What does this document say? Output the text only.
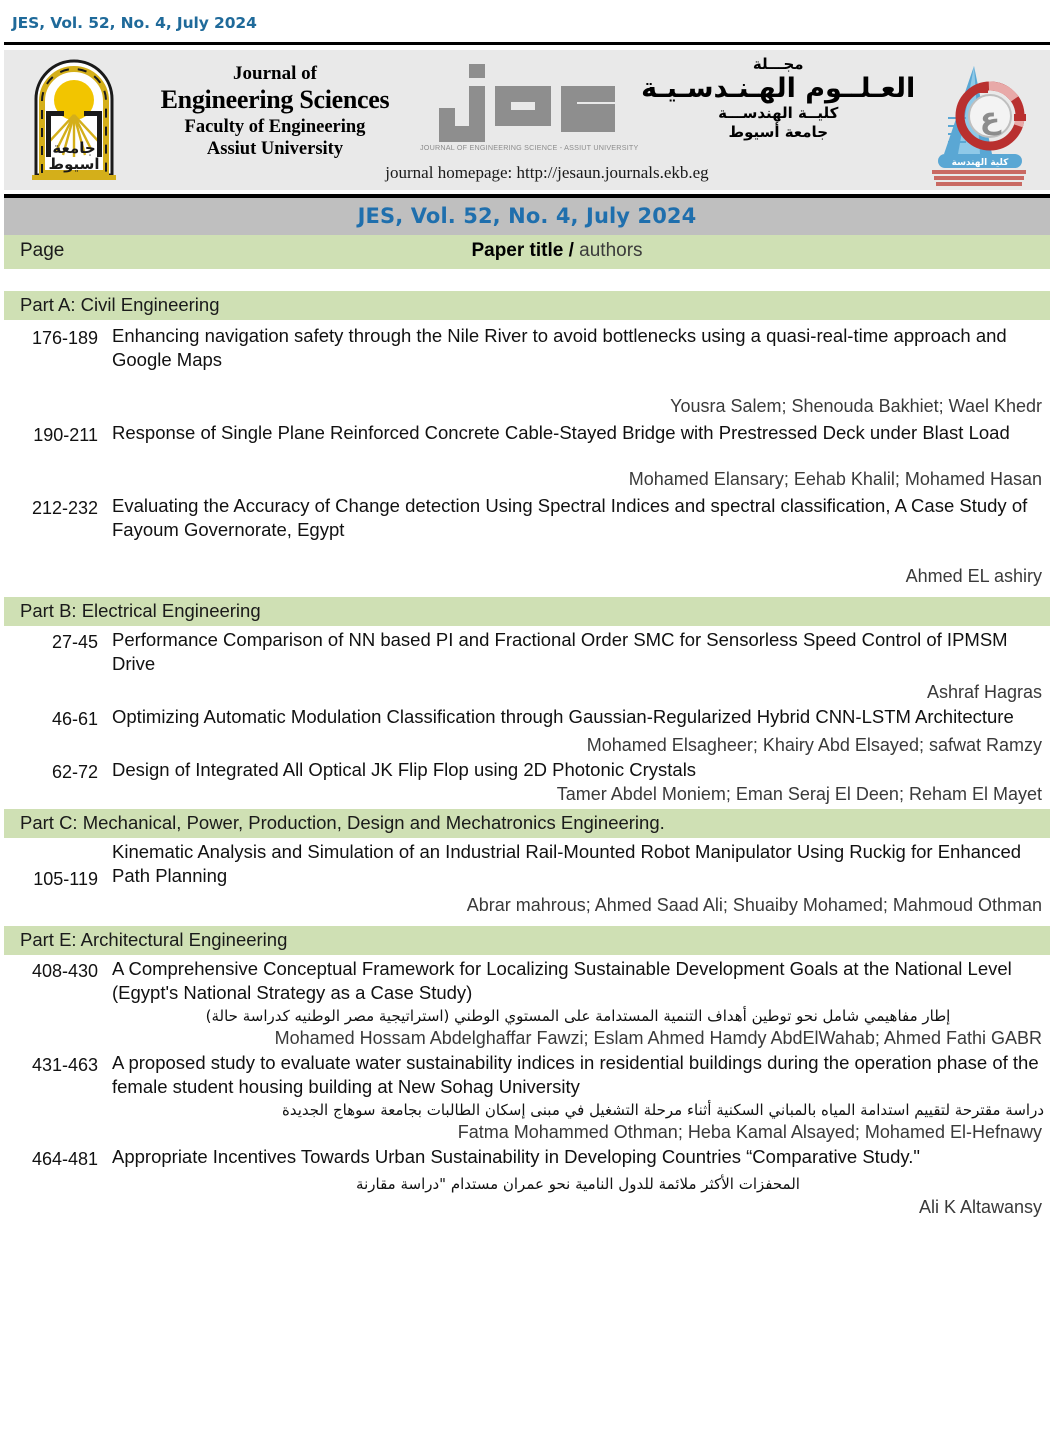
JES, Vol. 52, No. 4, July 2024
جامعة
اسيوط
Journal of
Engineering Sciences
Faculty of Engineering
Assiut University	JOURNAL OF ENGINEERING SCIENCE - ASSIUT UNIVERSITY
مجـــلة
العـلــوم الهـنـدسـيـة
كليــة الهندســـة
جامعة أسيوط	ع
كلية الهندسة
journal homepage: http://jesaun.journals.ekb.eg
JES, Vol. 52, No. 4, July 2024
Page	Paper title / authors
Part A: Civil Engineering
176-189 Enhancing navigation safety through the Nile River to avoid bottlenecks using a quasi-real-time approach and Google Maps
Yousra Salem; Shenouda Bakhiet; Wael Khedr
190-211 Response of Single Plane Reinforced Concrete Cable-Stayed Bridge with Prestressed Deck under Blast Load
Mohamed Elansary; Eehab Khalil; Mohamed Hasan
212-232 Evaluating the Accuracy of Change detection Using Spectral Indices and spectral classification, A Case Study of Fayoum Governorate, Egypt
Ahmed EL ashiry
Part B: Electrical Engineering
27-45 Performance Comparison of NN based PI and Fractional Order SMC for Sensorless Speed Control of IPMSM Drive
Ashraf Hagras
46-61 Optimizing Automatic Modulation Classification through Gaussian-Regularized Hybrid CNN-LSTM Architecture
Mohamed Elsagheer; Khairy Abd Elsayed; safwat Ramzy
62-72 Design of Integrated All Optical JK Flip Flop using 2D Photonic Crystals
Tamer Abdel Moniem; Eman Seraj El Deen; Reham El Mayet
Part C: Mechanical, Power, Production, Design and Mechatronics Engineering.
105-119
Kinematic Analysis and Simulation of an Industrial Rail-Mounted Robot Manipulator Using Ruckig for Enhanced Path Planning
Abrar mahrous; Ahmed Saad Ali; Shuaiby Mohamed; Mahmoud Othman
Part E: Architectural Engineering
408-430 A Comprehensive Conceptual Framework for Localizing Sustainable Development Goals at the National Level (Egypt's National Strategy as a Case Study)
إطار مفاهيمي شامل نحو توطين أهداف التنمية المستدامة على المستوي الوطني (استراتيجية مصر الوطنيه كدراسة حالة)
Mohamed Hossam Abdelghaffar Fawzi; Eslam Ahmed Hamdy AbdElWahab; Ahmed Fathi GABR
431-463 A proposed study to evaluate water sustainability indices in residential buildings during the operation phase of the female student housing building at New Sohag University
دراسة مقترحة لتقييم استدامة المياه بالمباني السكنية أثناء مرحلة التشغيل في مبنى إسكان الطالبات بجامعة سوهاج الجديدة
Fatma Mohammed Othman; Heba Kamal Alsayed; Mohamed El-Hefnawy
464-481 Appropriate Incentives Towards Urban Sustainability in Developing Countries “Comparative Study."
المحفزات الأكثر ملائمة للدول النامية نحو عمران مستدام "دراسة مقارنة
Ali K Altawansy
